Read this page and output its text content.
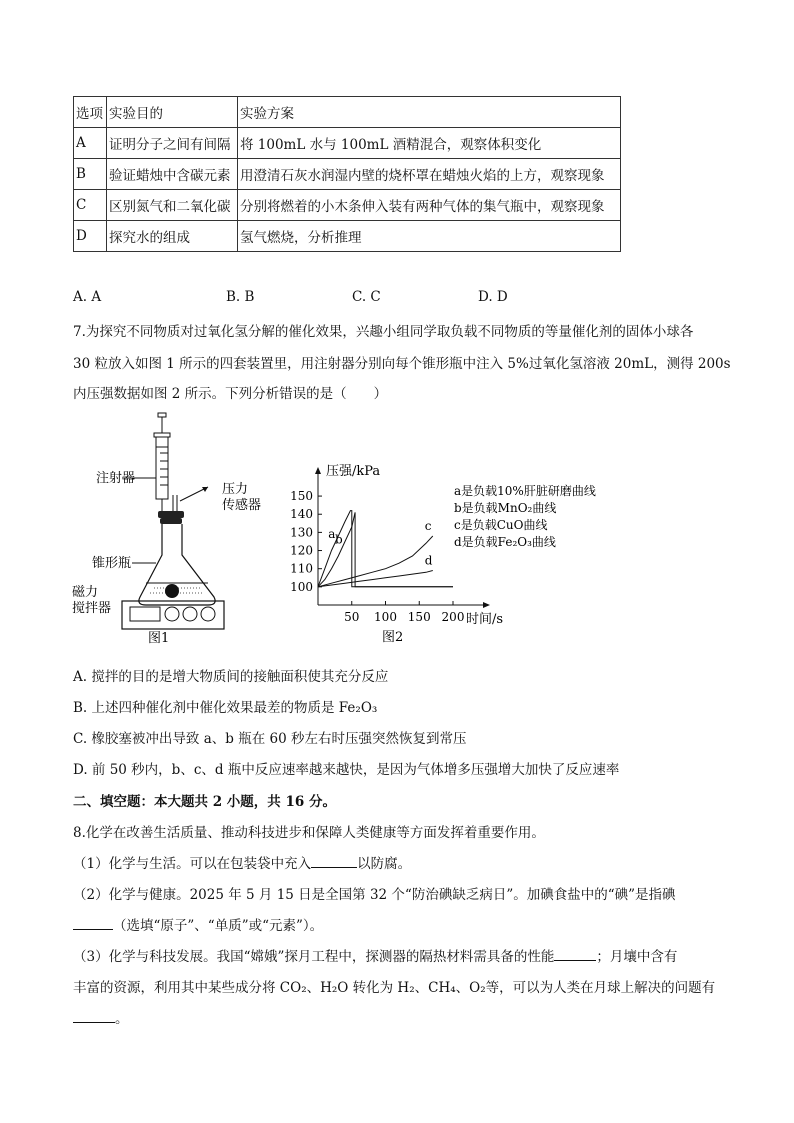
选项	实验目的	实验方案
A	证明分子之间有间隔	将 100mL 水与 100mL 酒精混合，观察体积变化
B	验证蜡烛中含碳元素	用澄清石灰水润湿内壁的烧杯罩在蜡烛火焰的上方，观察现象
C	区别氮气和二氧化碳	分别将燃着的小木条伸入装有两种气体的集气瓶中，观察现象
D	探究水的组成	氢气燃烧，分析推理
A. A	B. B	C. C	D. D
7.为探究不同物质对过氧化氢分解的催化效果，兴趣小组同学取负载不同物质的等量催化剂的固体小球各
30 粒放入如图 1 所示的四套装置里，用注射器分别向每个锥形瓶中注入 5%过氧化氢溶液 20mL，测得 200s
内压强数据如图 2 所示。下列分析错误的是（　　）
注射器
压力
传感器
锥形瓶
磁力
搅拌器
图1
100
110
120
130
140
150
50 100 150 200
a b
c
d
压强/kPa
时间/s
a是负载10%肝脏研磨曲线
b是负载MnO₂曲线
c是负载CuO曲线
d是负载Fe₂O₃曲线
图2
A. 搅拌的目的是增大物质间的接触面积使其充分反应
B. 上述四种催化剂中催化效果最差的物质是 Fe₂O₃
C. 橡胶塞被冲出导致 a、b 瓶在 60 秒左右时压强突然恢复到常压
D. 前 50 秒内，b、c、d 瓶中反应速率越来越快，是因为气体增多压强增大加快了反应速率
二、填空题：本大题共 2 小题，共 16 分。
8.化学在改善生活质量、推动科技进步和保障人类健康等方面发挥着重要作用。
（1）化学与生活。可以在包装袋中充入	以防腐。
（2）化学与健康。2025 年 5 月 15 日是全国第 32 个“防治碘缺乏病日”。加碘食盐中的“碘”是指碘
（选填“原子”、“单质”或“元素”）。
（3）化学与科技发展。我国“嫦娥”探月工程中，探测器的隔热材料需具备的性能	；月壤中含有
丰富的资源，利用其中某些成分将 CO₂、H₂O 转化为 H₂、CH₄、O₂等，可以为人类在月球上解决的问题有
。
